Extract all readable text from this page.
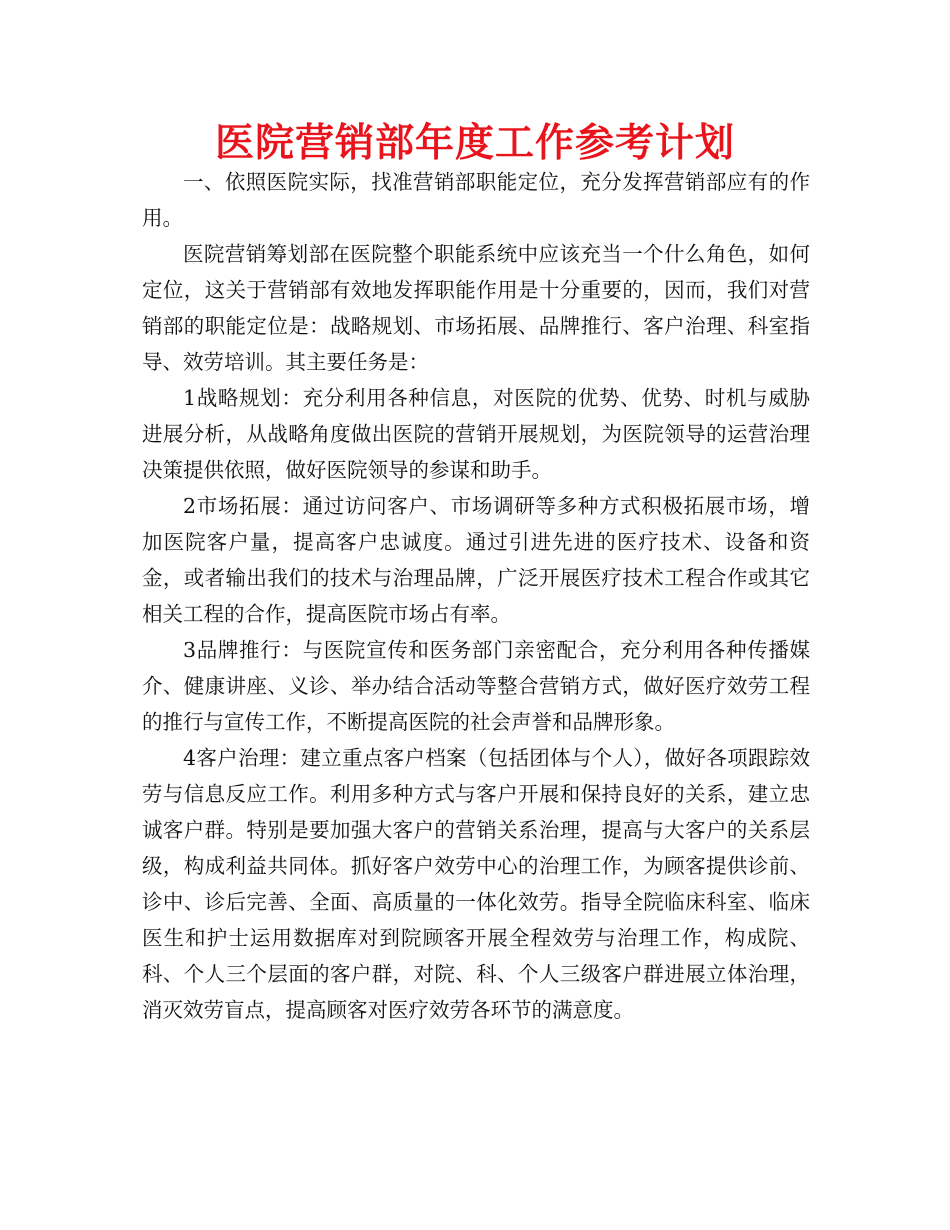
医院营销部年度工作参考计划

一、依照医院实际，找准营销部职能定位，充分发挥营销部应有的作用。

医院营销筹划部在医院整个职能系统中应该充当一个什么角色，如何定位，这关于营销部有效地发挥职能作用是十分重要的，因而，我们对营销部的职能定位是：战略规划、市场拓展、品牌推行、客户治理、科室指导、效劳培训。其主要任务是：

1战略规划：充分利用各种信息，对医院的优势、优势、时机与威胁进展分析，从战略角度做出医院的营销开展规划，为医院领导的运营治理决策提供依照，做好医院领导的参谋和助手。

2市场拓展：通过访问客户、市场调研等多种方式积极拓展市场，增加医院客户量，提高客户忠诚度。通过引进先进的医疗技术、设备和资金，或者输出我们的技术与治理品牌，广泛开展医疗技术工程合作或其它相关工程的合作，提高医院市场占有率。

3品牌推行：与医院宣传和医务部门亲密配合，充分利用各种传播媒介、健康讲座、义诊、举办结合活动等整合营销方式，做好医疗效劳工程的推行与宣传工作，不断提高医院的社会声誉和品牌形象。

4客户治理：建立重点客户档案（包括团体与个人），做好各项跟踪效劳与信息反应工作。利用多种方式与客户开展和保持良好的关系，建立忠诚客户群。特别是要加强大客户的营销关系治理，提高与大客户的关系层级，构成利益共同体。抓好客户效劳中心的治理工作，为顾客提供诊前、诊中、诊后完善、全面、高质量的一体化效劳。指导全院临床科室、临床医生和护士运用数据库对到院顾客开展全程效劳与治理工作，构成院、科、个人三个层面的客户群，对院、科、个人三级客户群进展立体治理，消灭效劳盲点，提高顾客对医疗效劳各环节的满意度。
